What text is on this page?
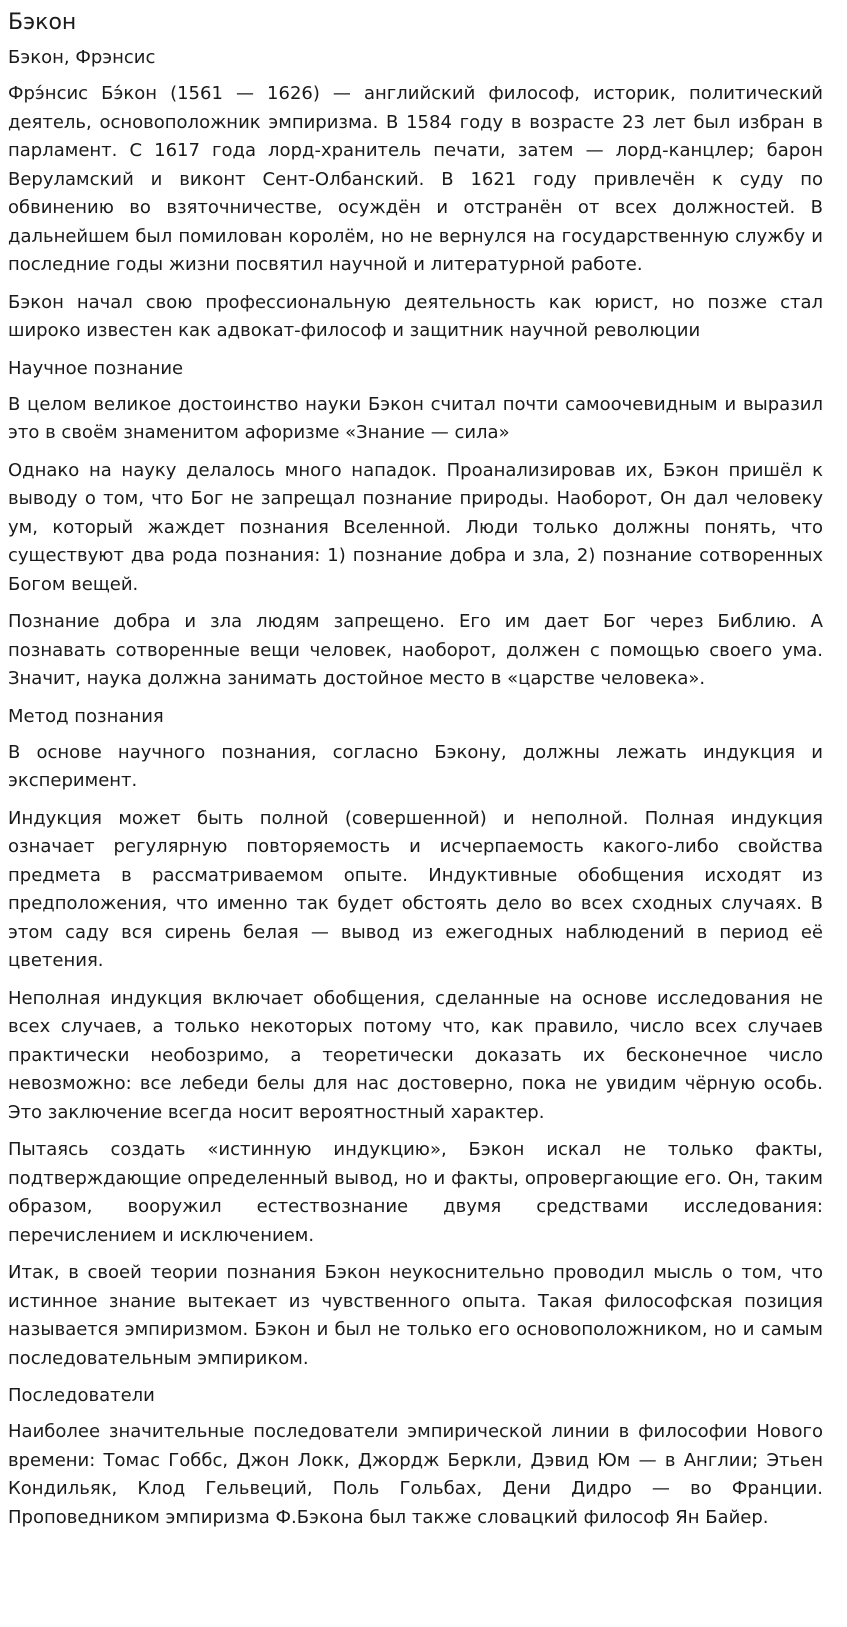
Бэкон
Бэкон, Фрэнсис

Фрэ́нсис Бэ́кон (1561 — 1626) — английский философ, историк, политический деятель, основоположник эмпиризма. В 1584 году в возрасте 23 лет был избран в парламент. С 1617 года лорд-хранитель печати, затем — лорд-канцлер; барон Веруламский и виконт Сент-Олбанский. В 1621 году привлечён к суду по обвинению во взяточничестве, осуждён и отстранён от всех должностей. В дальнейшем был помилован королём, но не вернулся на государственную службу и последние годы жизни посвятил научной и литературной работе.

Бэкон начал свою профессиональную деятельность как юрист, но позже стал широко известен как адвокат-философ и защитник научной революции

Научное познание

В целом великое достоинство науки Бэкон считал почти самоочевидным и выразил это в своём знаменитом афоризме «Знание — сила»

Однако на науку делалось много нападок. Проанализировав их, Бэкон пришёл к выводу о том, что Бог не запрещал познание природы. Наоборот, Он дал человеку ум, который жаждет познания Вселенной. Люди только должны понять, что существуют два рода познания: 1) познание добра и зла, 2) познание сотворенных Богом вещей.

Познание добра и зла людям запрещено. Его им дает Бог через Библию. А познавать сотворенные вещи человек, наоборот, должен с помощью своего ума. Значит, наука должна занимать достойное место в «царстве человека».

Метод познания

В основе научного познания, согласно Бэкону, должны лежать индукция и эксперимент.

Индукция может быть полной (совершенной) и неполной. Полная индукция означает регулярную повторяемость и исчерпаемость какого-либо свойства предмета в рассматриваемом опыте. Индуктивные обобщения исходят из предположения, что именно так будет обстоять дело во всех сходных случаях. В этом саду вся сирень белая — вывод из ежегодных наблюдений в период её цветения.

Неполная индукция включает обобщения, сделанные на основе исследования не всех случаев, а только некоторых потому что, как правило, число всех случаев практически необозримо, а теоретически доказать их бесконечное число невозможно: все лебеди белы для нас достоверно, пока не увидим чёрную особь. Это заключение всегда носит вероятностный характер.

Пытаясь создать «истинную индукцию», Бэкон искал не только факты, подтверждающие определенный вывод, но и факты, опровергающие его. Он, таким образом, вооружил естествознание двумя средствами исследования: перечислением и исключением.

Итак, в своей теории познания Бэкон неукоснительно проводил мысль о том, что истинное знание вытекает из чувственного опыта. Такая философская позиция называется эмпиризмом. Бэкон и был не только его основоположником, но и самым последовательным эмпириком.

Последователи

Наиболее значительные последователи эмпирической линии в философии Нового времени: Томас Гоббс, Джон Локк, Джордж Беркли, Дэвид Юм — в Англии; Этьен Кондильяк, Клод Гельвеций, Поль Гольбах, Дени Дидро — во Франции. Проповедником эмпиризма Ф.Бэкона был также словацкий философ Ян Байер.
